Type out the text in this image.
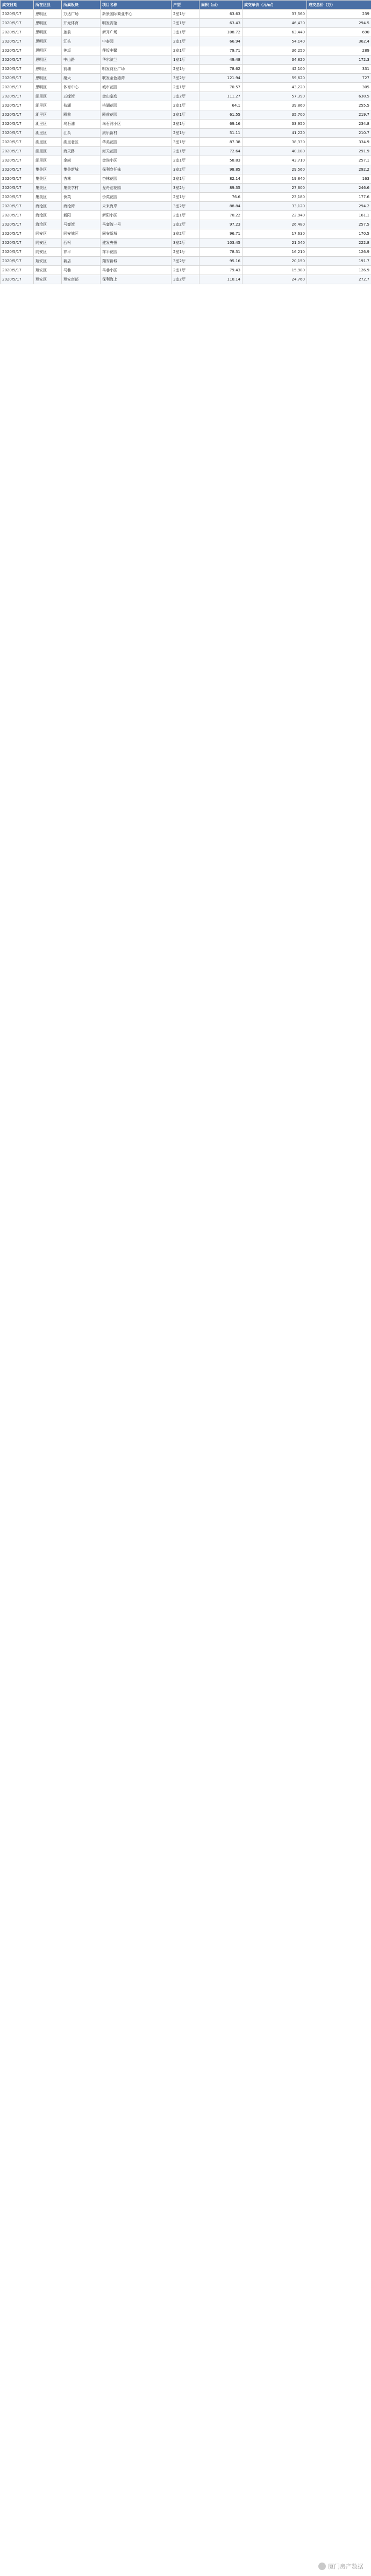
成交日期	所在区县	所属板块	项目名称	户型	面积（㎡）	成交单价（元/㎡）	成交总价（万）
2020/5/17	思明区	万达广场	新景国际商业中心	2室1厅	63.63	37,560	239
2020/5/17	思明区	开元体育	明发宾馆	2室1厅	63.43	46,430	294.5
2020/5/17	思明区	莲前	新开广场	3室1厅	108.72	63,440	690
2020/5/17	思明区	江头	中泰园	2室1厅	66.94	54,140	362.4
2020/5/17	思明区	莲坂	莲坂中鹭	2室1厅	79.71	36,250	289
2020/5/17	思明区	中山路	华尔滨兰	1室1厅	49.48	34,820	172.3
2020/5/17	思明区	前埔	明发商业广场	2室1厅	78.62	42,100	331
2020/5/17	思明区	厦大	联发金色港湾	3室2厅	121.94	59,620	727
2020/5/17	思明区	体育中心	城市花园	2室1厅	70.57	43,220	305
2020/5/17	湖里区	五缘湾	金山豪庭	3室2厅	111.27	57,390	638.5
2020/5/17	湖里区	枋湖	枋湖花园	2室1厅	64.1	39,860	255.5
2020/5/17	湖里区	殿前	殿前花园	2室1厅	61.55	35,700	219.7
2020/5/17	湖里区	乌石浦	乌石浦小区	2室1厅	69.16	33,950	234.8
2020/5/17	湖里区	江头	康乐新村	2室1厅	51.11	41,220	210.7
2020/5/17	湖里区	湖里老区	华美花园	3室1厅	87.38	38,330	334.9
2020/5/17	湖里区	海天路	海天花园	2室1厅	72.64	40,180	291.9
2020/5/17	湖里区	金尚	金尚小区	2室1厅	58.83	43,710	257.1
2020/5/17	集美区	集美新城	保利叁仟栋	3室2厅	98.85	29,560	292.2
2020/5/17	集美区	杏林	杏林花园	2室1厅	82.14	19,840	163
2020/5/17	集美区	集美学村	龙舟池花园	3室2厅	89.35	27,600	246.6
2020/5/17	集美区	侨英	侨英花园	2室1厅	76.6	23,180	177.6
2020/5/17	海沧区	海沧湾	未来海岸	3室2厅	88.84	33,120	294.2
2020/5/17	海沧区	新阳	新阳小区	2室1厅	70.22	22,940	161.1
2020/5/17	海沧区	马銮湾	马銮湾一号	3室2厅	97.23	26,480	257.5
2020/5/17	同安区	同安城区	同安新城	3室2厅	96.71	17,630	170.5
2020/5/17	同安区	西柯	建发央誉	3室2厅	103.45	21,540	222.8
2020/5/17	同安区	祥平	祥平花园	2室1厅	78.31	16,210	126.9
2020/5/17	翔安区	新店	翔安新城	3室2厅	95.16	20,150	191.7
2020/5/17	翔安区	马巷	马巷小区	2室1厅	79.43	15,980	126.9
2020/5/17	翔安区	翔安南部	保利海上	3室2厅	110.14	24,760	272.7
厦门房产数据
